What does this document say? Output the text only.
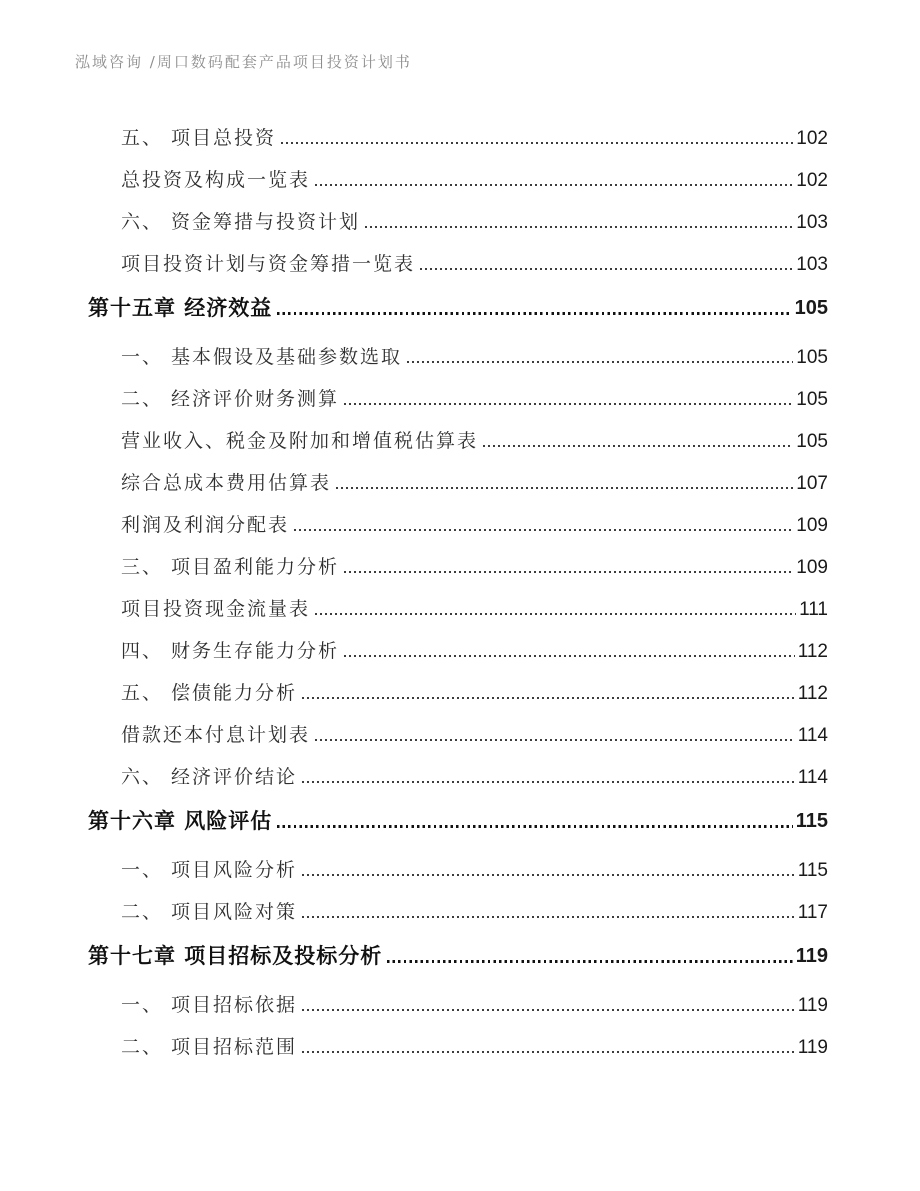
泓域咨询 /周口数码配套产品项目投资计划书
五、 项目总投资	102
总投资及构成一览表	102
六、 资金筹措与投资计划	103
项目投资计划与资金筹措一览表	103
第十五章 经济效益	105
一、 基本假设及基础参数选取	105
二、 经济评价财务测算	105
营业收入、税金及附加和增值税估算表	105
综合总成本费用估算表	107
利润及利润分配表	109
三、 项目盈利能力分析	109
项目投资现金流量表	111
四、 财务生存能力分析	112
五、 偿债能力分析	112
借款还本付息计划表	114
六、 经济评价结论	114
第十六章 风险评估	115
一、 项目风险分析	115
二、 项目风险对策	117
第十七章 项目招标及投标分析	119
一、 项目招标依据	119
二、 项目招标范围	119
